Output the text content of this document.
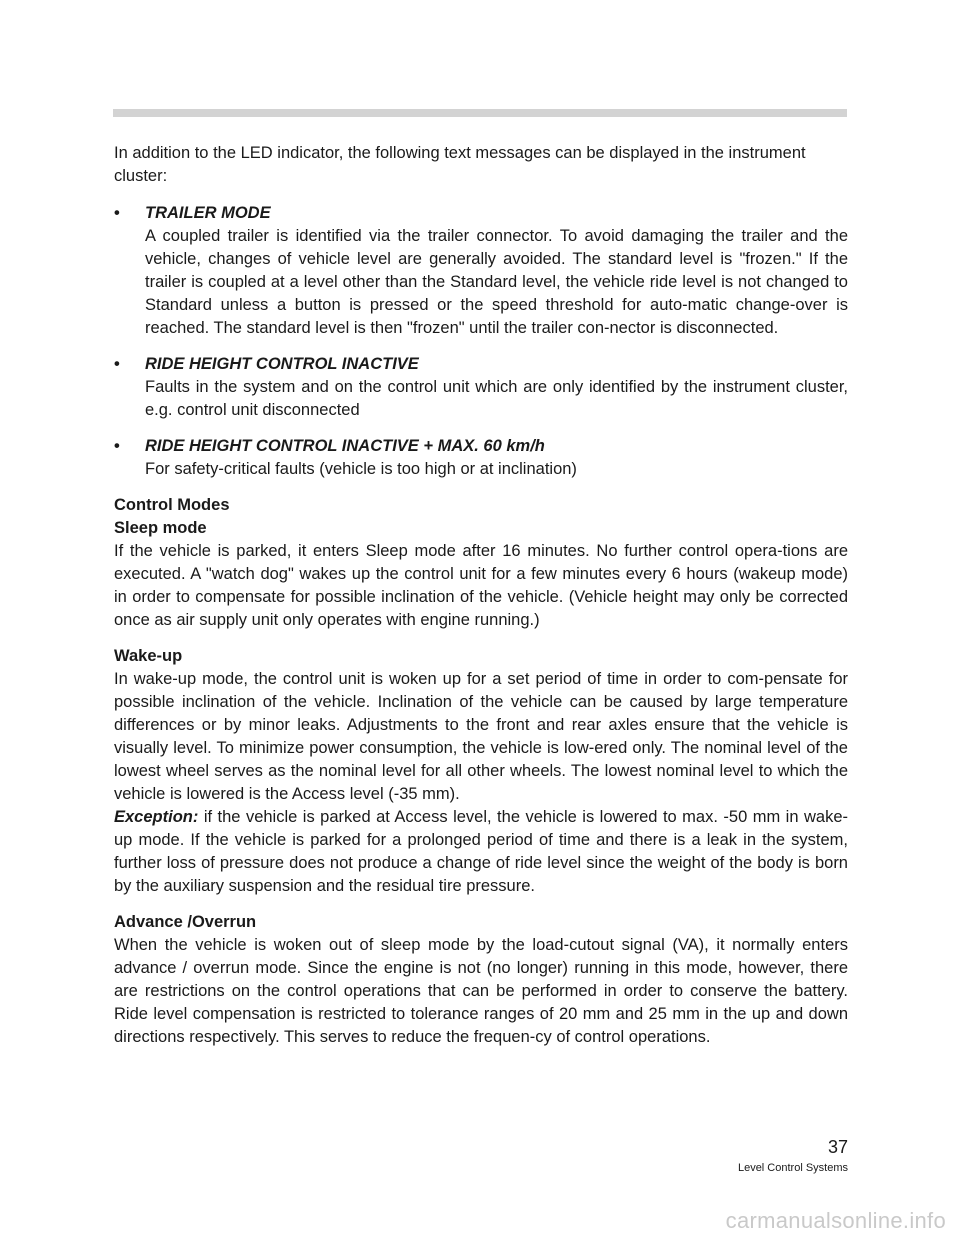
In addition to the LED indicator, the following text messages can be displayed in the instrument cluster:

• TRAILER MODE
A coupled trailer is identified via the trailer connector. To avoid damaging the trailer and the vehicle, changes of vehicle level are generally avoided. The standard level is "frozen." If the trailer is coupled at a level other than the Standard level, the vehicle ride level is not changed to Standard unless a button is pressed or the speed threshold for auto-matic change-over is reached. The standard level is then "frozen" until the trailer con-nector is disconnected.
• RIDE HEIGHT CONTROL INACTIVE
Faults in the system and on the control unit which are only identified by the instrument cluster, e.g. control unit disconnected
• RIDE HEIGHT CONTROL INACTIVE + MAX. 60 km/h
For safety-critical faults (vehicle is too high or at inclination)

Control Modes

Sleep mode

If the vehicle is parked, it enters Sleep mode after 16 minutes. No further control opera-tions are executed. A "watch dog" wakes up the control unit for a few minutes every 6 hours (wakeup mode) in order to compensate for possible inclination of the vehicle. (Vehicle height may only be corrected once as air supply unit only operates with engine running.)

Wake-up

In wake-up mode, the control unit is woken up for a set period of time in order to com-pensate for possible inclination of the vehicle. Inclination of the vehicle can be caused by large temperature differences or by minor leaks. Adjustments to the front and rear axles ensure that the vehicle is visually level. To minimize power consumption, the vehicle is low-ered only. The nominal level of the lowest wheel serves as the nominal level for all other wheels. The lowest nominal level to which the vehicle is lowered is the Access level (-35 mm).

Exception: if the vehicle is parked at Access level, the vehicle is lowered to max. -50 mm in wake-up mode. If the vehicle is parked for a prolonged period of time and there is a leak in the system, further loss of pressure does not produce a change of ride level since the weight of the body is born by the auxiliary suspension and the residual tire pressure.

Advance /Overrun

When the vehicle is woken out of sleep mode by the load-cutout signal (VA), it normally enters advance / overrun mode. Since the engine is not (no longer) running in this mode, however, there are restrictions on the control operations that can be performed in order to conserve the battery. Ride level compensation is restricted to tolerance ranges of 20 mm and 25 mm in the up and down directions respectively. This serves to reduce the frequen-cy of control operations.

37
Level Control Systems
carmanualsonline.info
